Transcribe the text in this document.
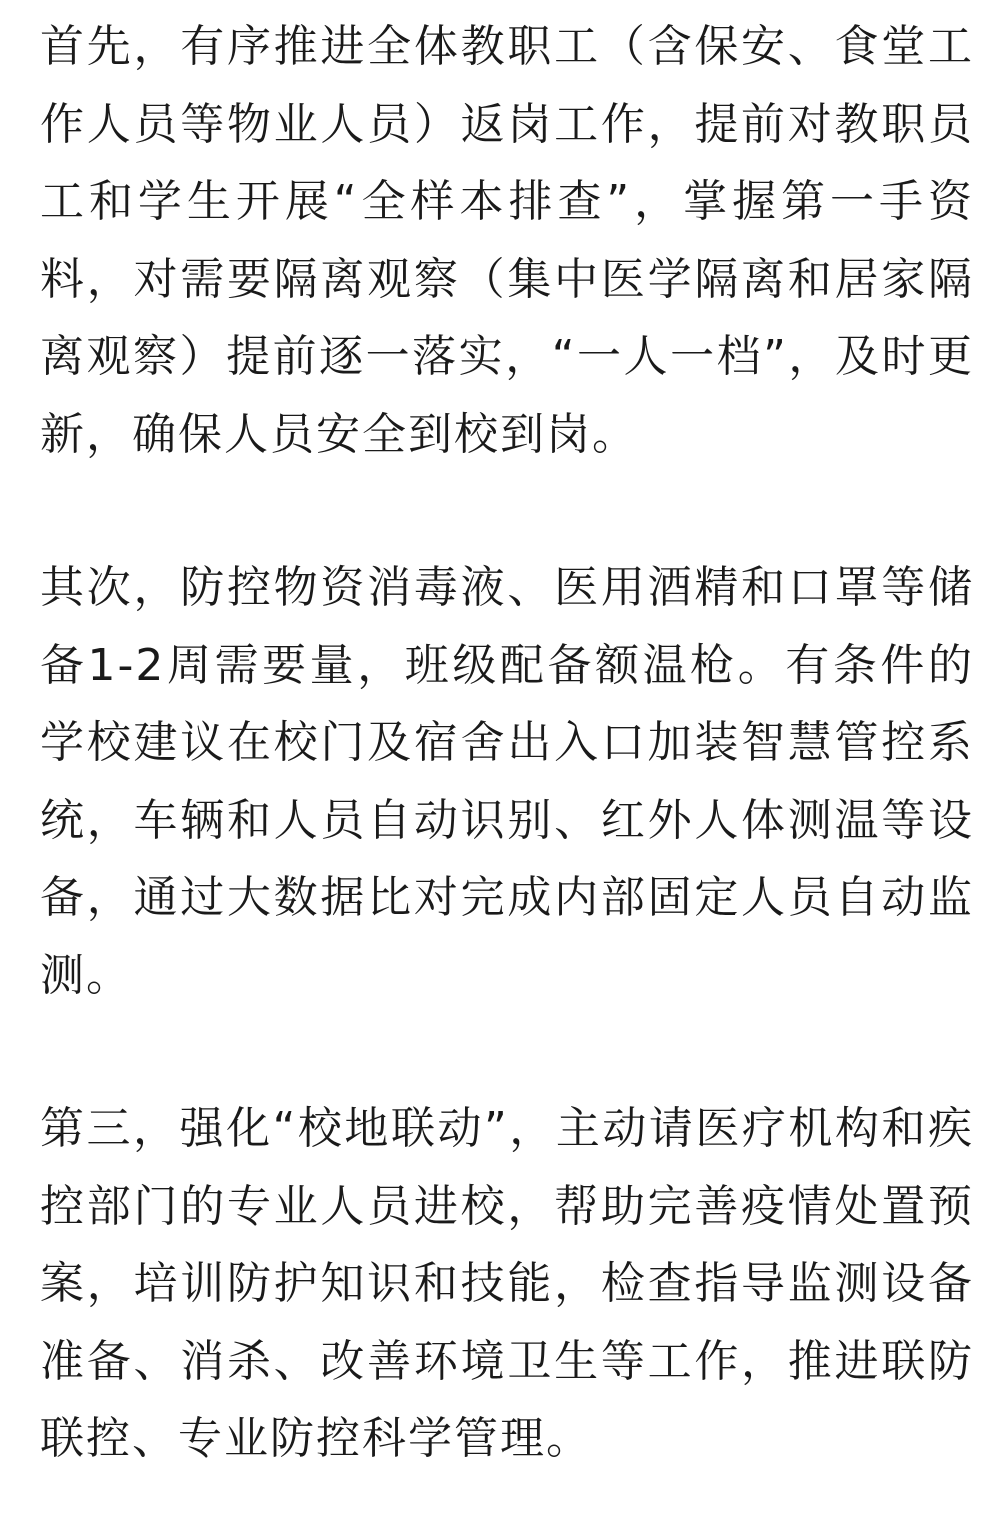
首先，有序推进全体教职工（含保安、食堂工作人员等物业人员）返岗工作，提前对教职员工和学生开展“全样本排查”，掌握第一手资料，对需要隔离观察（集中医学隔离和居家隔离观察）提前逐一落实，“一人一档”，及时更新，确保人员安全到校到岗。

其次，防控物资消毒液、医用酒精和口罩等储备1-2周需要量，班级配备额温枪。有条件的学校建议在校门及宿舍出入口加装智慧管控系统，车辆和人员自动识别、红外人体测温等设备，通过大数据比对完成内部固定人员自动监测。

第三，强化“校地联动”，主动请医疗机构和疾控部门的专业人员进校，帮助完善疫情处置预案，培训防护知识和技能，检查指导监测设备准备、消杀、改善环境卫生等工作，推进联防联控、专业防控科学管理。
